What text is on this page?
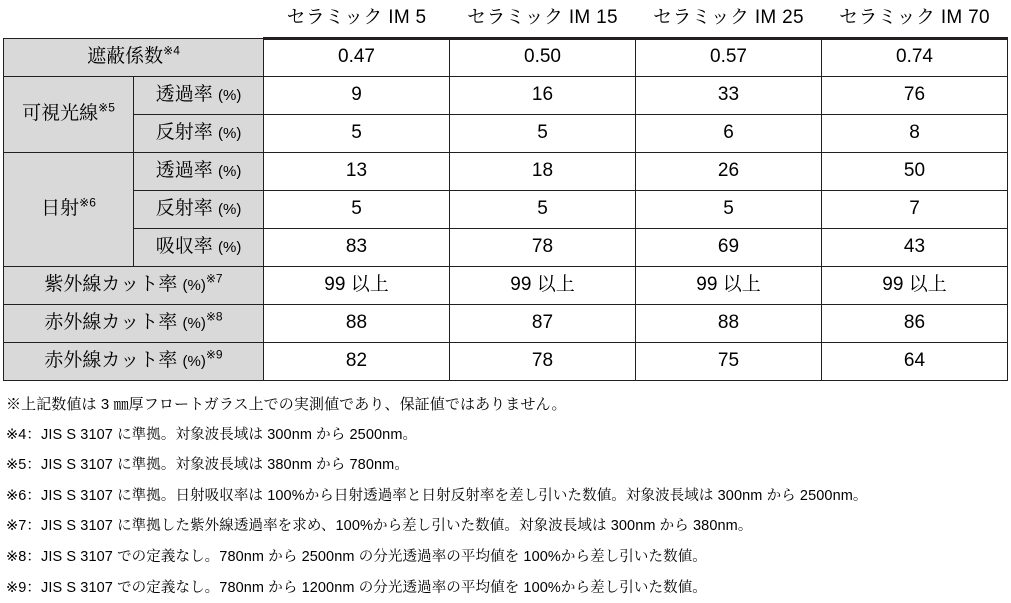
		セラミック IM 5	セラミック IM 15	セラミック IM 25	セラミック IM 70
遮蔽係数$^{※4}$		0.47	0.50	0.57	0.74
可視光線$^{※5}$	透過率 (%)	9	16	33	76
	反射率 (%)	5	5	6	8
日射$^{※6}$	透過率 (%)	13	18	26	50
	反射率 (%)	5	5	5	7
	吸収率 (%)	83	78	69	43
紫外線カット率 (%)$^{※7}$		99 以上	99 以上	99 以上	99 以上
赤外線カット率 (%)$^{※8}$		88	87	88	86
赤外線カット率 (%)$^{※9}$		82	78	75	64
※上記数値は 3 ㎜厚フロートガラス上での実測値であり、保証値ではありません。
※4：JIS S 3107 に準拠。対象波長域は 300nm から 2500nm。
※5：JIS S 3107 に準拠。対象波長域は 380nm から 780nm。
※6：JIS S 3107 に準拠。日射吸収率は 100%から日射透過率と日射反射率を差し引いた数値。対象波長域は 300nm から 2500nm。
※7：JIS S 3107 に準拠した紫外線透過率を求め、100%から差し引いた数値。対象波長域は 300nm から 380nm。
※8：JIS S 3107 での定義なし。780nm から 2500nm の分光透過率の平均値を 100%から差し引いた数値。
※9：JIS S 3107 での定義なし。780nm から 1200nm の分光透過率の平均値を 100%から差し引いた数値。
